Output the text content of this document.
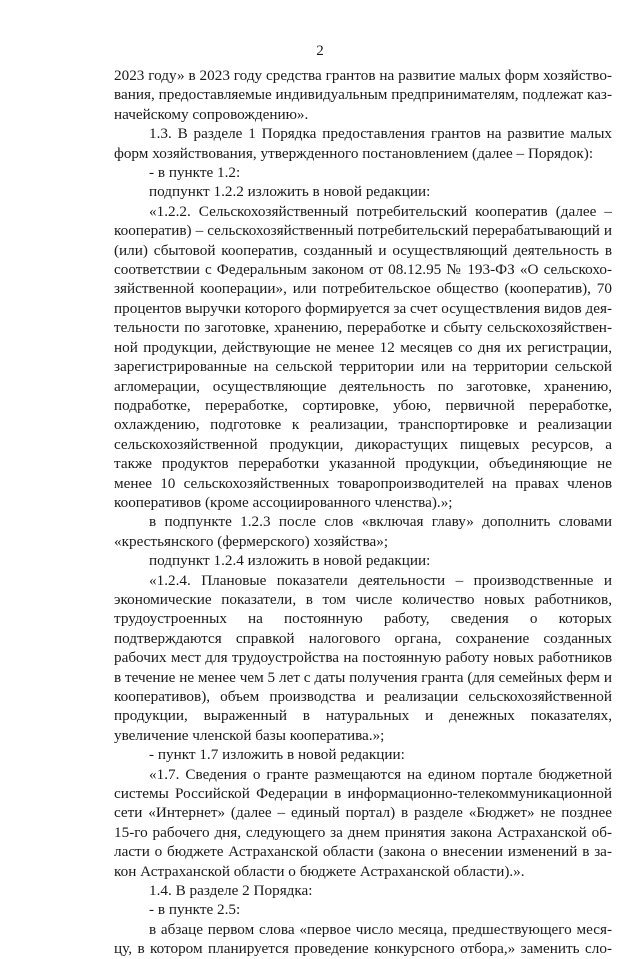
2

2023 году» в 2023 году средства грантов на развитие малых форм хозяйствования, предоставляемые индивидуальным предпринимателям, подлежат казначейскому сопровождению».

1.3. В разделе 1 Порядка предоставления грантов на развитие малых форм хозяйствования, утвержденного постановлением (далее – Порядок):

- в пункте 1.2:

подпункт 1.2.2 изложить в новой редакции:

«1.2.2. Сельскохозяйственный потребительский кооператив (далее – кооператив) – сельскохозяйственный потребительский перерабатывающий и (или) сбытовой кооператив, созданный и осуществляющий деятельность в соответствии с Федеральным законом от 08.12.95 № 193-ФЗ «О сельскохозяйственной кооперации», или потребительское общество (кооператив), 70 процентов выручки которого формируется за счет осуществления видов деятельности по заготовке, хранению, переработке и сбыту сельскохозяйственной продукции, действующие не менее 12 месяцев со дня их регистрации, зарегистрированные на сельской территории или на территории сельской агломерации, осуществляющие деятельность по заготовке, хранению, подработке, переработке, сортировке, убою, первичной переработке, охлаждению, подготовке к реализации, транспортировке и реализации сельскохозяйственной продукции, дикорастущих пищевых ресурсов, а также продуктов переработки указанной продукции, объединяющие не менее 10 сельскохозяйственных товаропроизводителей на правах членов кооперативов (кроме ассоциированного членства).»;

в подпункте 1.2.3 после слов «включая главу» дополнить словами «крестьянского (фермерского) хозяйства»;

подпункт 1.2.4 изложить в новой редакции:

«1.2.4. Плановые показатели деятельности – производственные и экономические показатели, в том числе количество новых работников, трудоустроенных на постоянную работу, сведения о которых подтверждаются справкой налогового органа, сохранение созданных рабочих мест для трудоустройства на постоянную работу новых работников в течение не менее чем 5 лет с даты получения гранта (для семейных ферм и кооперативов), объем производства и реализации сельскохозяйственной продукции, выраженный в натуральных и денежных показателях, увеличение членской базы кооператива.»;

- пункт 1.7 изложить в новой редакции:

«1.7. Сведения о гранте размещаются на едином портале бюджетной системы Российской Федерации в информационно-телекоммуникационной сети «Интернет» (далее – единый портал) в разделе «Бюджет» не позднее 15-го рабочего дня, следующего за днем принятия закона Астраханской области о бюджете Астраханской области (закона о внесении изменений в закон Астраханской области о бюджете Астраханской области).».

1.4. В разделе 2 Порядка:

- в пункте 2.5:

в абзаце первом слова «первое число месяца, предшествующего месяцу, в котором планируется проведение конкурсного отбора,» заменить сло-
